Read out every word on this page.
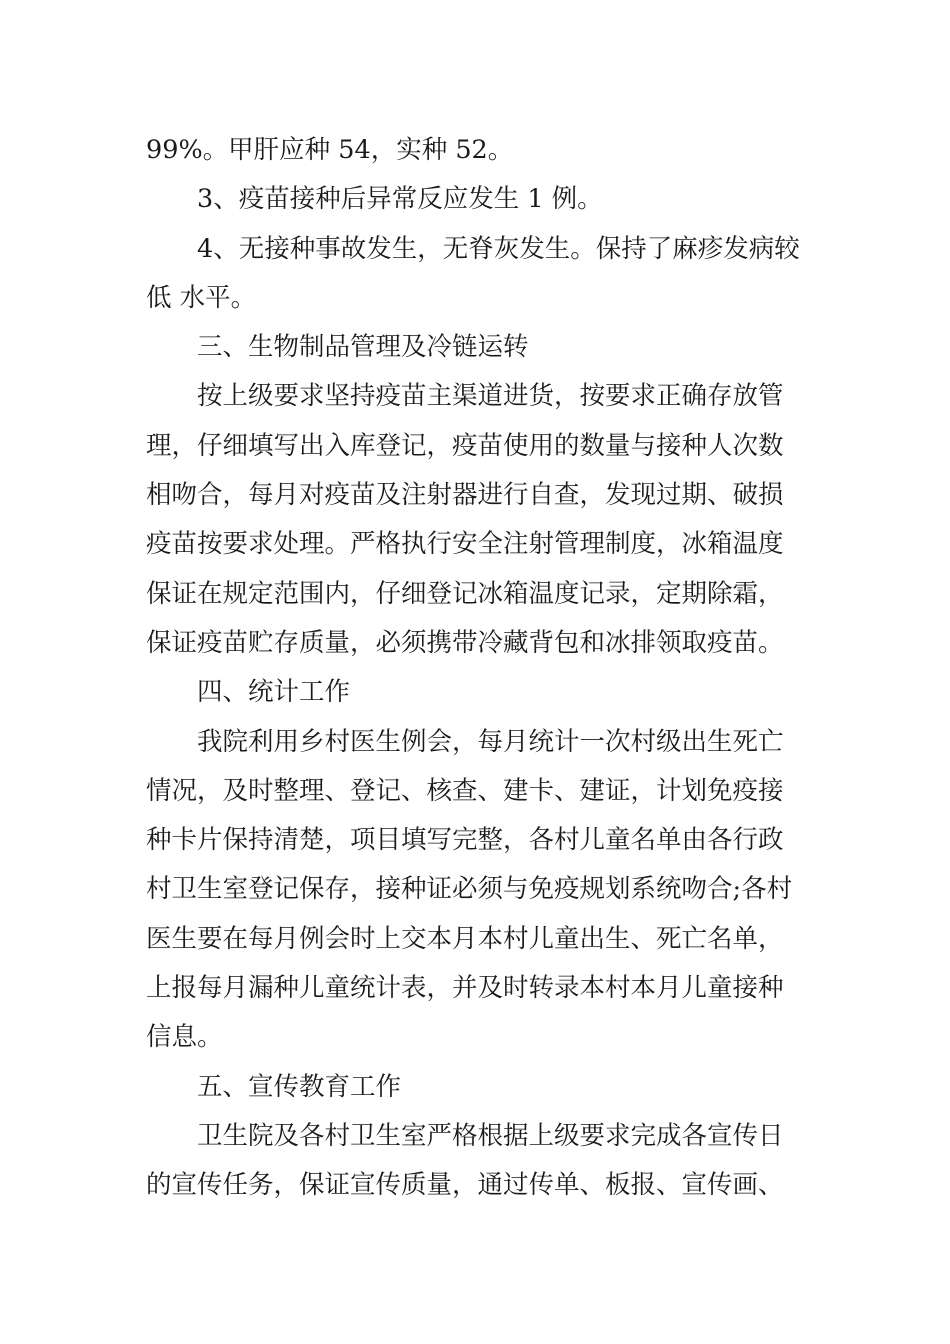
99%。甲肝应种 54，实种 52。
3、疫苗接种后异常反应发生 1 例。
4、无接种事故发生，无脊灰发生。保持了麻疹发病较
低 水平。
三、生物制品管理及冷链运转
按上级要求坚持疫苗主渠道进货，按要求正确存放管
理，仔细填写出入库登记，疫苗使用的数量与接种人次数
相吻合，每月对疫苗及注射器进行自查，发现过期、破损
疫苗按要求处理。严格执行安全注射管理制度，冰箱温度
保证在规定范围内，仔细登记冰箱温度记录，定期除霜，
保证疫苗贮存质量，必须携带冷藏背包和冰排领取疫苗。
四、统计工作
我院利用乡村医生例会，每月统计一次村级出生死亡
情况，及时整理、登记、核查、建卡、建证，计划免疫接
种卡片保持清楚，项目填写完整，各村儿童名单由各行政
村卫生室登记保存，接种证必须与免疫规划系统吻合;各村
医生要在每月例会时上交本月本村儿童出生、死亡名单，
上报每月漏种儿童统计表，并及时转录本村本月儿童接种
信息。
五、宣传教育工作
卫生院及各村卫生室严格根据上级要求完成各宣传日
的宣传任务，保证宣传质量，通过传单、板报、宣传画、
